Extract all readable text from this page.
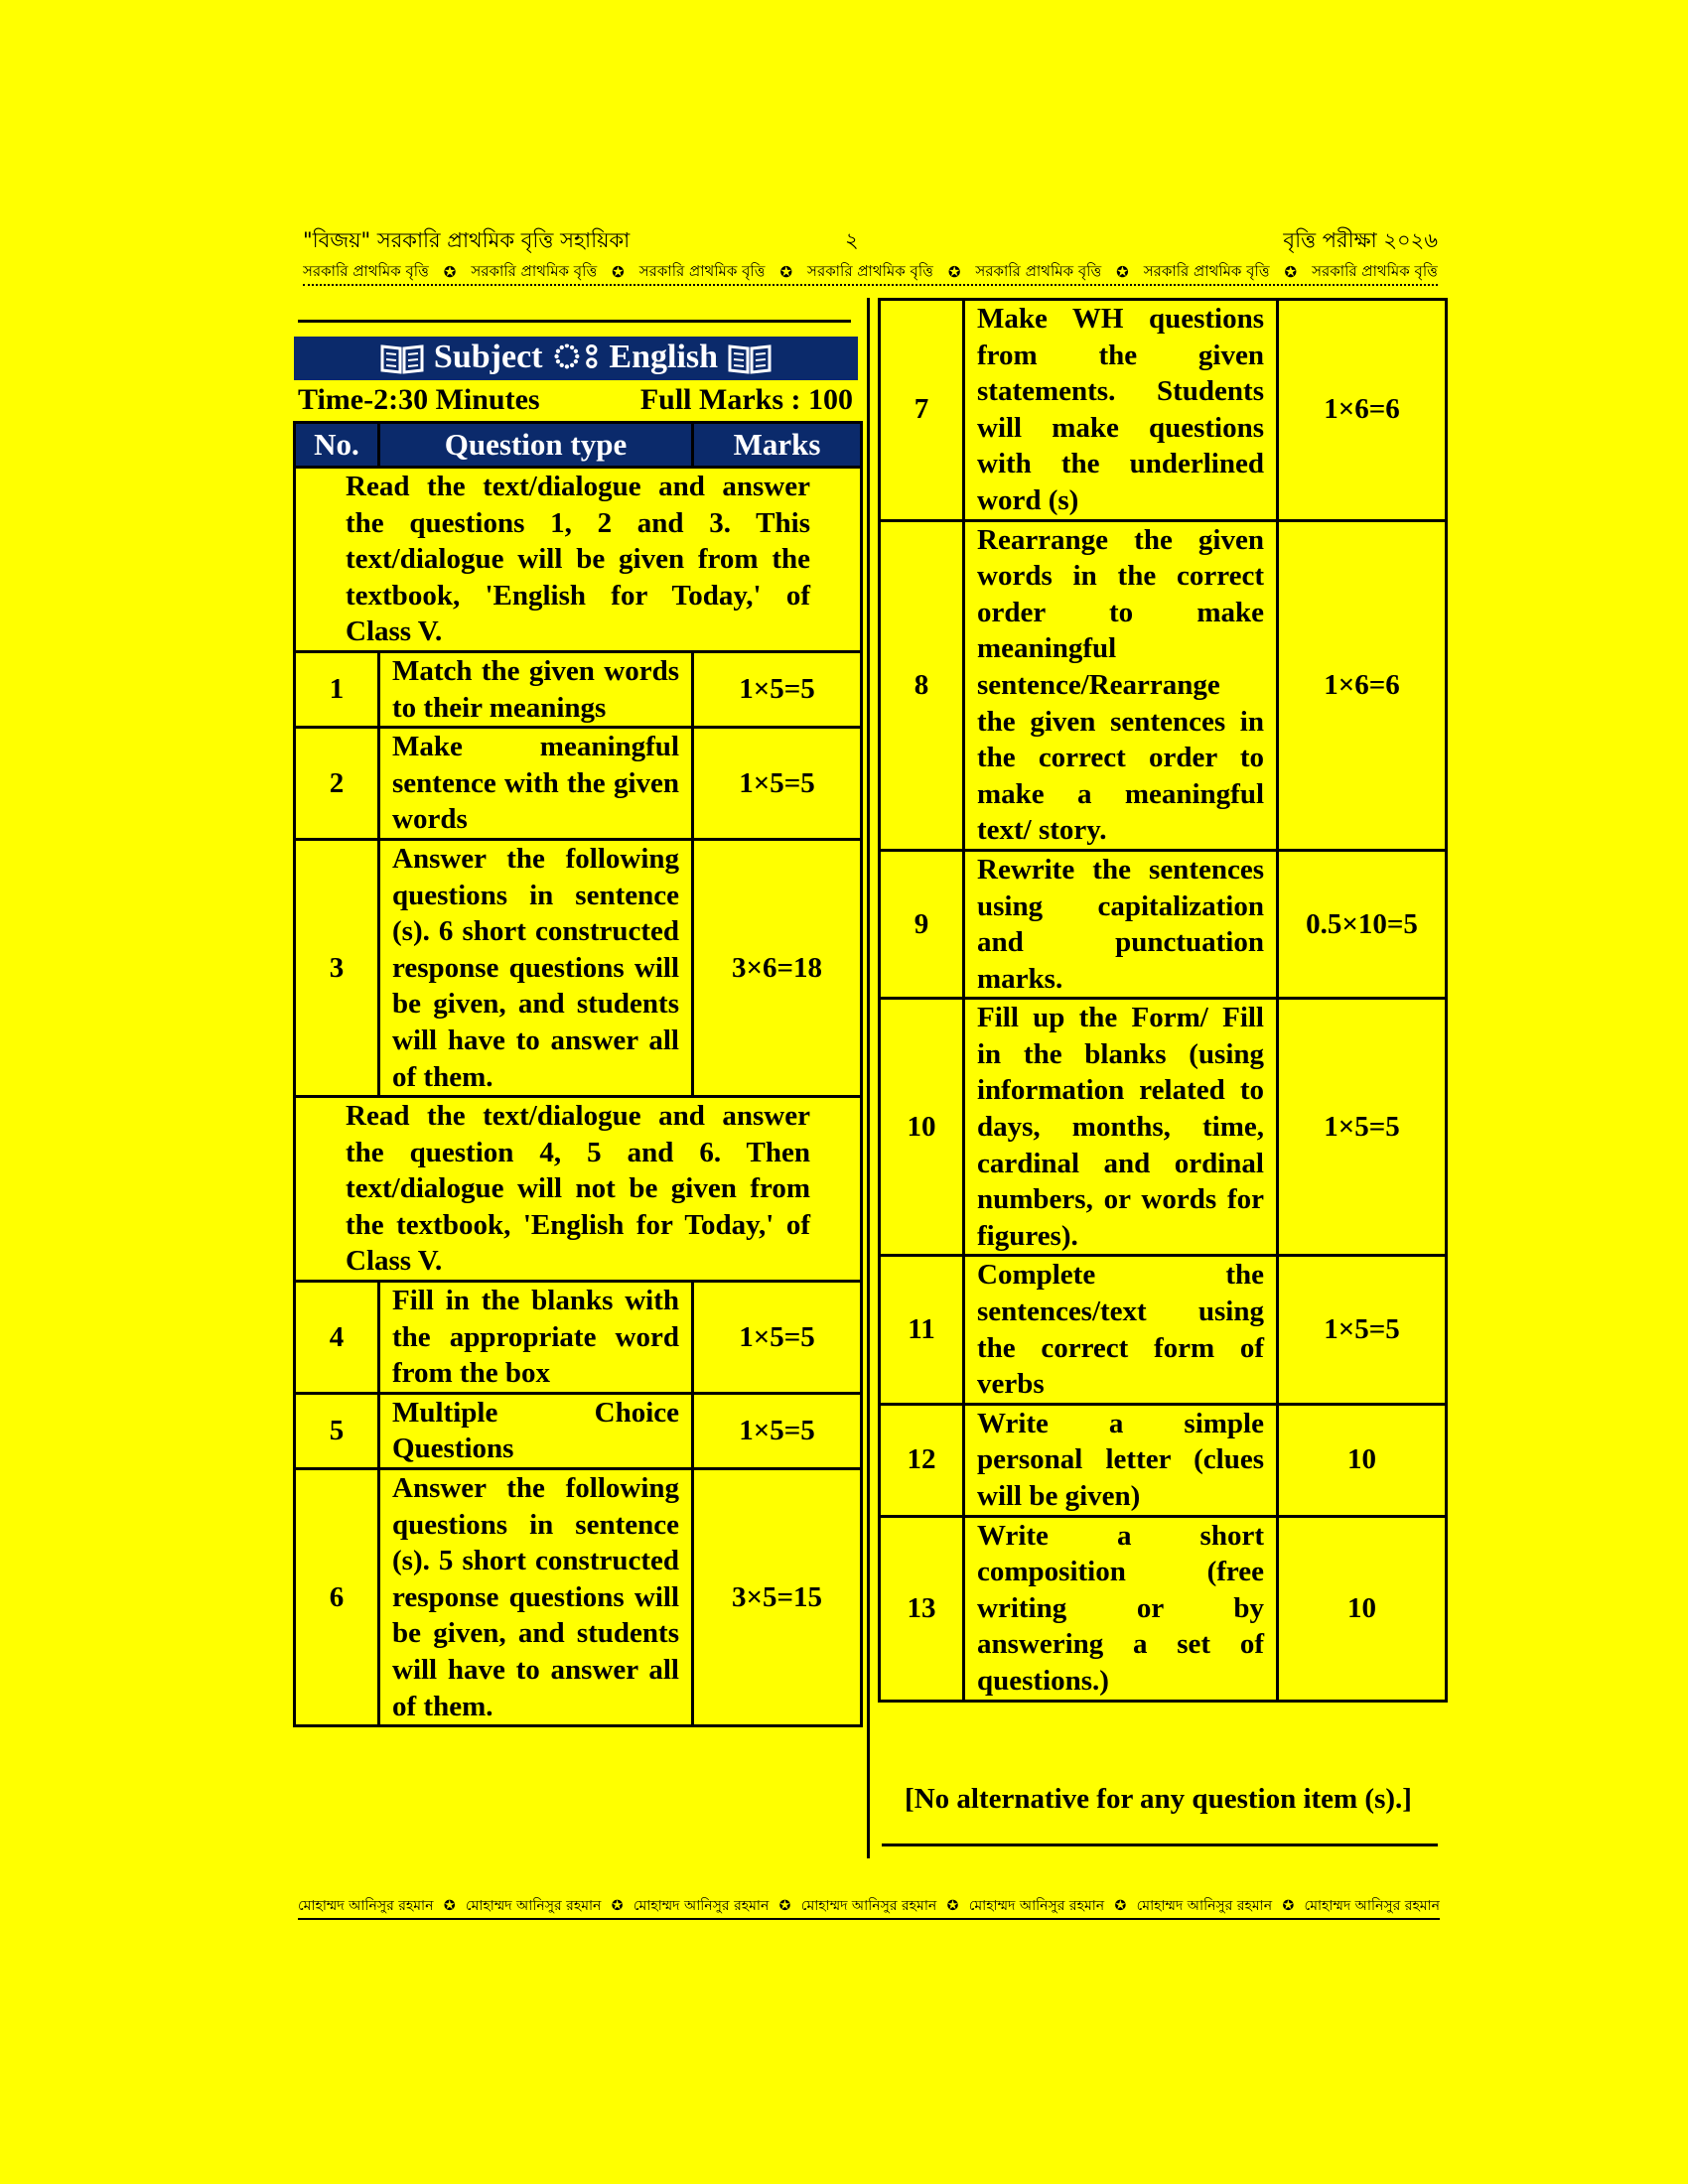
"বিজয়" সরকারি প্রাথমিক বৃত্তি সহায়িকা	২	বৃত্তি পরীক্ষা ২০২৬
সরকারি প্রাথমিক বৃত্তি ✪ সরকারি প্রাথমিক বৃত্তি ✪ সরকারি প্রাথমিক বৃত্তি ✪ সরকারি প্রাথমিক বৃত্তি ✪ সরকারি প্রাথমিক বৃত্তি ✪ সরকারি প্রাথমিক বৃত্তি ✪ সরকারি প্রাথমিক বৃত্তি
Subject ঃ English
Time-2:30 Minutes	Full Marks : 100
No.	Question type	Marks
Read the text/dialogue and answer the questions 1, 2 and 3. This text/dialogue will be given from the textbook, 'English for Today,' of Class V.		
1	Match the given words to their meanings	1×5=5
2	Make meaningful sentence with the given words	1×5=5
3	Answer the following questions in sentence (s). 6 short constructed response questions will be given, and students will have to answer all of them.	3×6=18
Read the text/dialogue and answer the question 4, 5 and 6. Then text/dialogue will not be given from the textbook, 'English for Today,' of Class V.		
4	Fill in the blanks with the appropriate word from the box	1×5=5
5	Multiple Choice Questions	1×5=5
6	Answer the following questions in sentence (s). 5 short constructed response questions will be given, and students will have to answer all of them.	3×5=15
7	Make WH questions from the given statements. Students will make questions with the underlined word (s)	1×6=6
8	Rearrange the given words in the correct order to make meaningful sentence/Rearrange the given sentences in the correct order to make a meaningful text/ story.	1×6=6
9	Rewrite the sentences using capitalization and punctuation marks.	0.5×10=5
10	Fill up the Form/ Fill in the blanks (using information related to days, months, time, cardinal and ordinal numbers, or words for figures).	1×5=5
11	Complete the sentences/text using the correct form of verbs	1×5=5
12	Write a simple personal letter (clues will be given)	10
13	Write a short composition (free writing or by answering a set of questions.)	10
[No alternative for any question item (s).]
মোহাম্মদ আনিসুর রহমান ✪ মোহাম্মদ আনিসুর রহমান ✪ মোহাম্মদ আনিসুর রহমান ✪ মোহাম্মদ আনিসুর রহমান ✪ মোহাম্মদ আনিসুর রহমান ✪ মোহাম্মদ আনিসুর রহমান ✪ মোহাম্মদ আনিসুর রহমান
